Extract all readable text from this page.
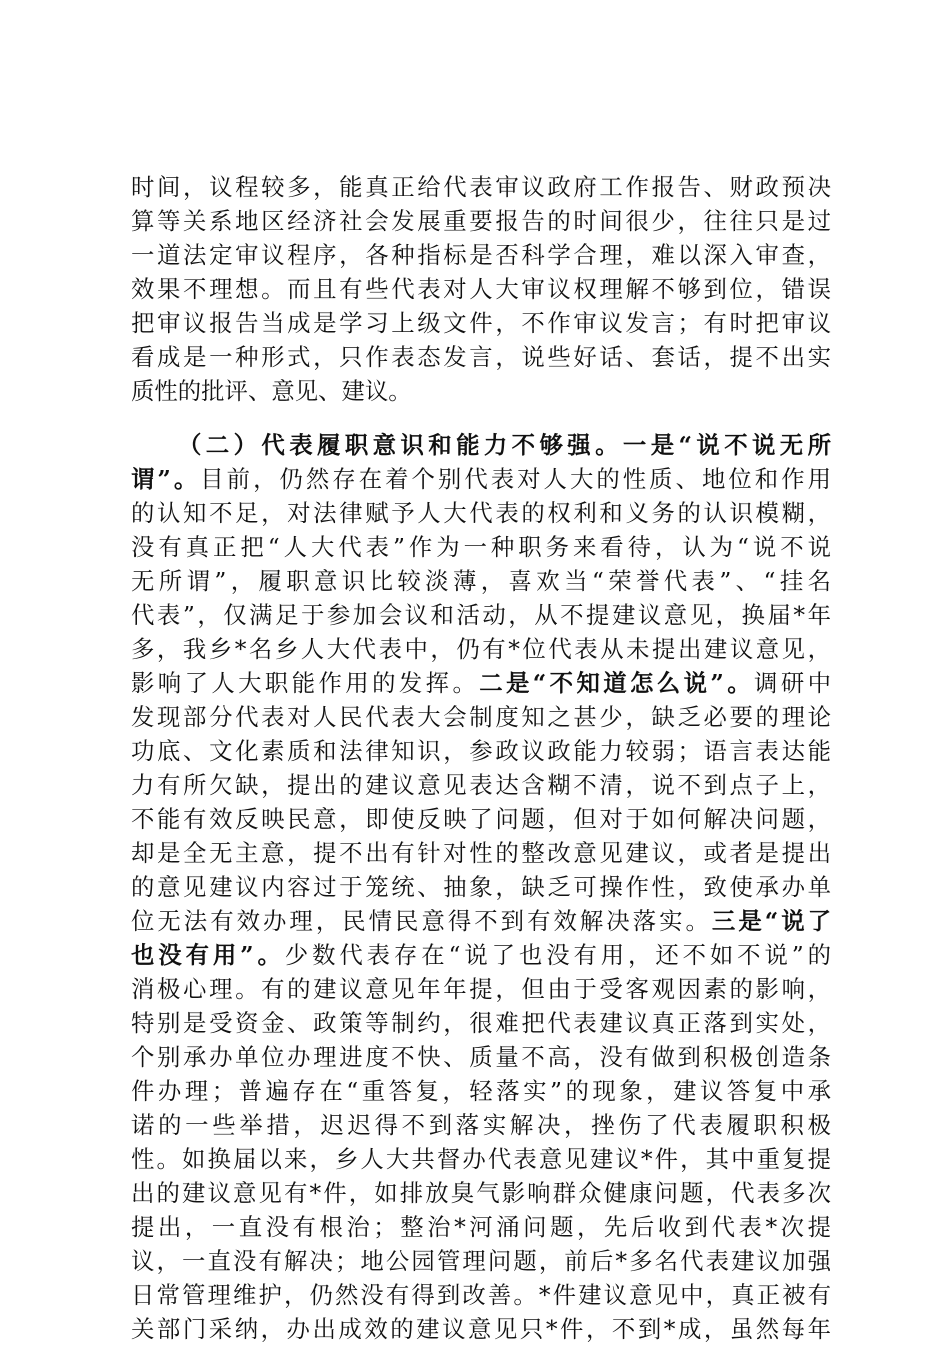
时间，议程较多，能真正给代表审议政府工作报告、财政预决
算等关系地区经济社会发展重要报告的时间很少，往往只是过
一道法定审议程序，各种指标是否科学合理，难以深入审查，
效果不理想。而且有些代表对人大审议权理解不够到位，错误
把审议报告当成是学习上级文件，不作审议发言；有时把审议
看成是一种形式，只作表态发言，说些好话、套话，提不出实
质性的批评、意见、建议。
（二）代表履职意识和能力不够强。一是“说不说无所
谓”。目前，仍然存在着个别代表对人大的性质、地位和作用
的认知不足，对法律赋予人大代表的权利和义务的认识模糊，
没有真正把“人大代表”作为一种职务来看待，认为“说不说
无所谓”，履职意识比较淡薄，喜欢当“荣誉代表”、“挂名
代表”，仅满足于参加会议和活动，从不提建议意见，换届*年
多，我乡*名乡人大代表中，仍有*位代表从未提出建议意见，
影响了人大职能作用的发挥。二是“不知道怎么说”。调研中
发现部分代表对人民代表大会制度知之甚少，缺乏必要的理论
功底、文化素质和法律知识，参政议政能力较弱；语言表达能
力有所欠缺，提出的建议意见表达含糊不清，说不到点子上，
不能有效反映民意，即使反映了问题，但对于如何解决问题，
却是全无主意，提不出有针对性的整改意见建议，或者是提出
的意见建议内容过于笼统、抽象，缺乏可操作性，致使承办单
位无法有效办理，民情民意得不到有效解决落实。三是“说了
也没有用”。少数代表存在“说了也没有用，还不如不说”的
消极心理。有的建议意见年年提，但由于受客观因素的影响，
特别是受资金、政策等制约，很难把代表建议真正落到实处，
个别承办单位办理进度不快、质量不高，没有做到积极创造条
件办理；普遍存在“重答复，轻落实”的现象，建议答复中承
诺的一些举措，迟迟得不到落实解决，挫伤了代表履职积极
性。如换届以来，乡人大共督办代表意见建议*件，其中重复提
出的建议意见有*件，如排放臭气影响群众健康问题，代表多次
提出，一直没有根治；整治*河涌问题，先后收到代表*次提
议，一直没有解决；地公园管理问题，前后*多名代表建议加强
日常管理维护，仍然没有得到改善。*件建议意见中，真正被有
关部门采纳，办出成效的建议意见只*件，不到*成，虽然每年
